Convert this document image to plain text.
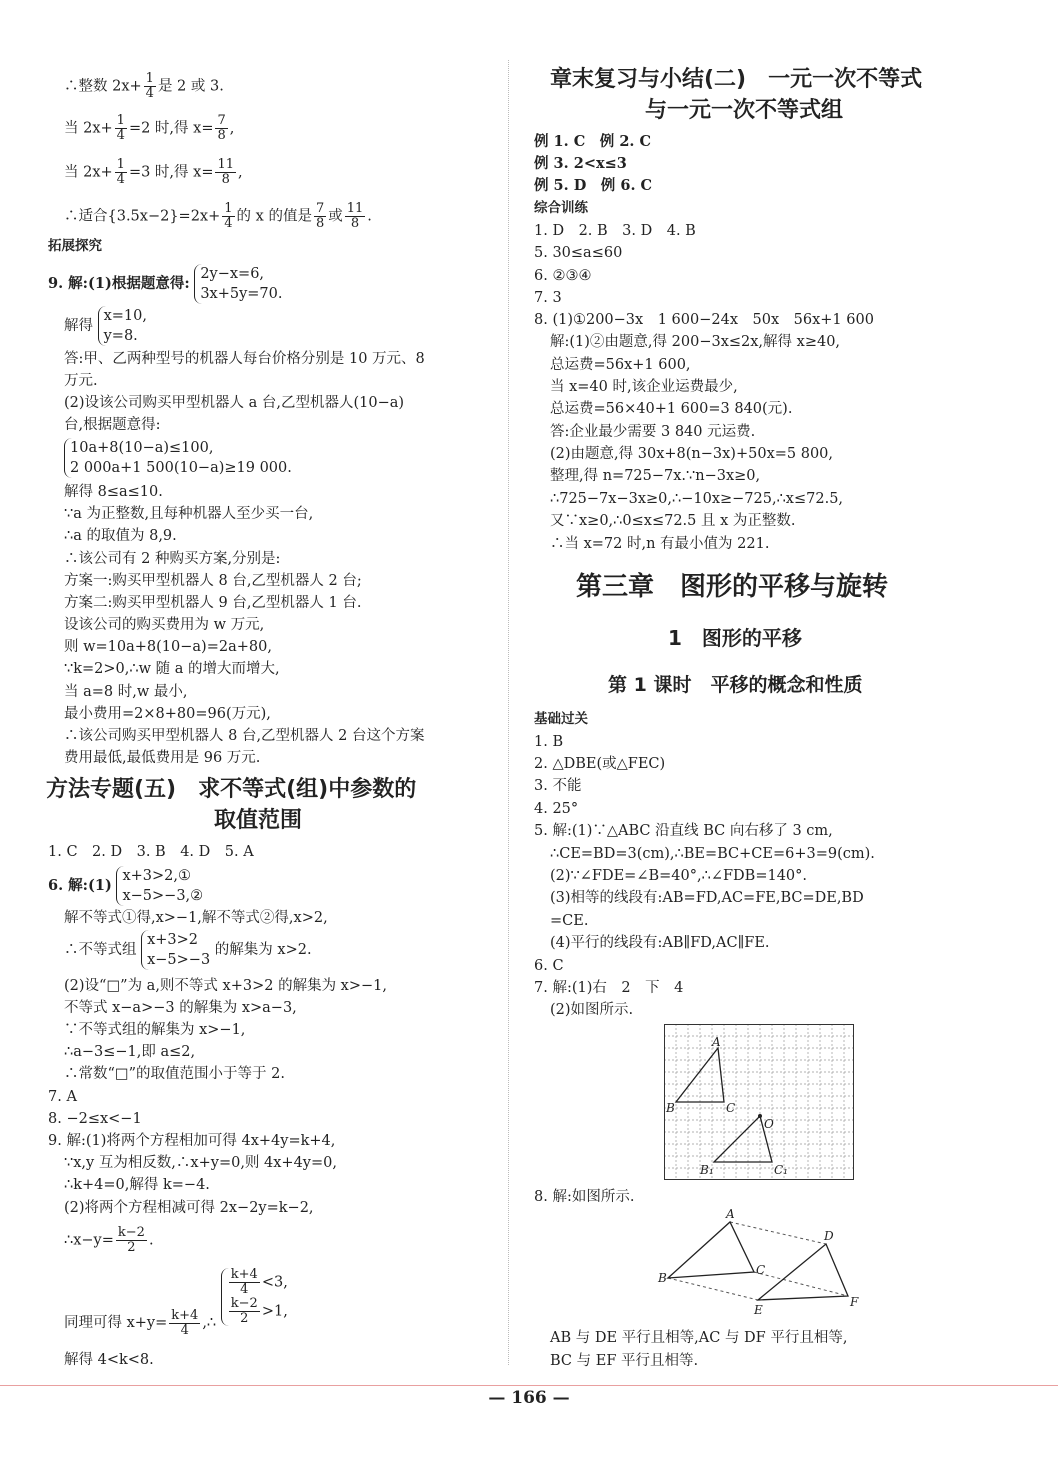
∴整数 $2x+ \frac{1}{4}$ 是 2 或 3.
当 $2x+ \frac{1}{4} =2$ 时,得 $x= \frac{7}{8}$ ,
当 $2x+ \frac{1}{4} =3$ 时,得 $x= \frac{11}{8}$ ,
∴适合$\{3.5x-2\}=2x+ \frac{1}{4}$ 的 x 的值是 $\frac{7}{8}$ 或 $\frac{11}{8}$ .
拓展探究
9. 解:(1)根据题意得:
2y−x=6,
3x+5y=70.
解得
x=10,
y=8.
答:甲、乙两种型号的机器人每台价格分别是 10 万元、8
万元.
(2)设该公司购买甲型机器人 a 台,乙型机器人(10−a)
台,根据题意得:
10a+8(10−a)≤100,
2 000a+1 500(10−a)≥19 000.
解得 8≤a≤10.
∵a 为正整数,且每种机器人至少买一台,
∴a 的取值为 8,9.
∴该公司有 2 种购买方案,分别是:
方案一:购买甲型机器人 8 台,乙型机器人 2 台;
方案二:购买甲型机器人 9 台,乙型机器人 1 台.
设该公司的购买费用为 w 万元,
则 w=10a+8(10−a)=2a+80,
∵k=2>0,∴w 随 a 的增大而增大,
当 a=8 时,w 最小,
最小费用=2×8+80=96(万元),
∴该公司购买甲型机器人 8 台,乙型机器人 2 台这个方案
费用最低,最低费用是 96 万元.
方法专题(五)　求不等式(组)中参数的
取值范围
1. C　2. D　3. B　4. D　5. A
6. 解:(1)
x+3>2,①
x−5>−3,②
解不等式①得,x>−1,解不等式②得,x>2,
∴不等式组
x+3>2
x−5>−3
的解集为 x>2.
(2)设“□”为 a,则不等式 x+3>2 的解集为 x>−1,
不等式 x−a>−3 的解集为 x>a−3,
∵不等式组的解集为 x>−1,
∴a−3≤−1,即 a≤2,
∴常数“□”的取值范围小于等于 2.
7. A
8. −2≤x<−1
9. 解:(1)将两个方程相加可得 4x+4y=k+4,
∵x,y 互为相反数,∴x+y=0,则 4x+4y=0,
∴k+4=0,解得 k=−4.
(2)将两个方程相减可得 2x−2y=k−2,
∴x−y= $\frac{k-2}{2}$ .
同理可得 $x+y= \frac{k+4}{4}$ ,∴
$\frac{k+4}{4} <3$,
$\frac{k-2}{2} >1$,
解得 4<k<8.
章末复习与小结(二)　一元一次不等式
与一元一次不等式组
例 1. C　例 2. C
例 3. 2<x≤3
例 5. D　例 6. C
综合训练
1. D　2. B　3. D　4. B
5. 30≤a≤60
6. ②③④
7. 3
8. (1)①200−3x　1 600−24x　50x　56x+1 600
解:(1)②由题意,得 200−3x≤2x,解得 x≥40,
总运费=56x+1 600,
当 x=40 时,该企业运费最少,
总运费=56×40+1 600=3 840(元).
答:企业最少需要 3 840 元运费.
(2)由题意,得 30x+8(n−3x)+50x=5 800,
整理,得 n=725−7x.∵n−3x≥0,
∴725−7x−3x≥0,∴−10x≥−725,∴x≤72.5,
又∵x≥0,∴0≤x≤72.5 且 x 为正整数.
∴当 x=72 时,n 有最小值为 221.
第三章　图形的平移与旋转
1　图形的平移
第 1 课时　平移的概念和性质
基础过关
1. B
2. △DBE(或△FEC)
3. 不能
4. 25°
5. 解:(1)∵△ABC 沿直线 BC 向右移了 3 cm,
∴CE=BD=3(cm),∴BE=BC+CE=6+3=9(cm).
(2)∵∠FDE=∠B=40°,∴∠FDB=140°.
(3)相等的线段有:AB=FD,AC=FE,BC=DE,BD
=CE.
(4)平行的线段有:AB∥FD,AC∥FE.
6. C
7. 解:(1)右　2　下　4
(2)如图所示.
A
B	C
O
B₁	C₁
8. 解:如图所示.
A
B
C
D
E
F
AB 与 DE 平行且相等,AC 与 DF 平行且相等,
BC 与 EF 平行且相等.
— 166 —
